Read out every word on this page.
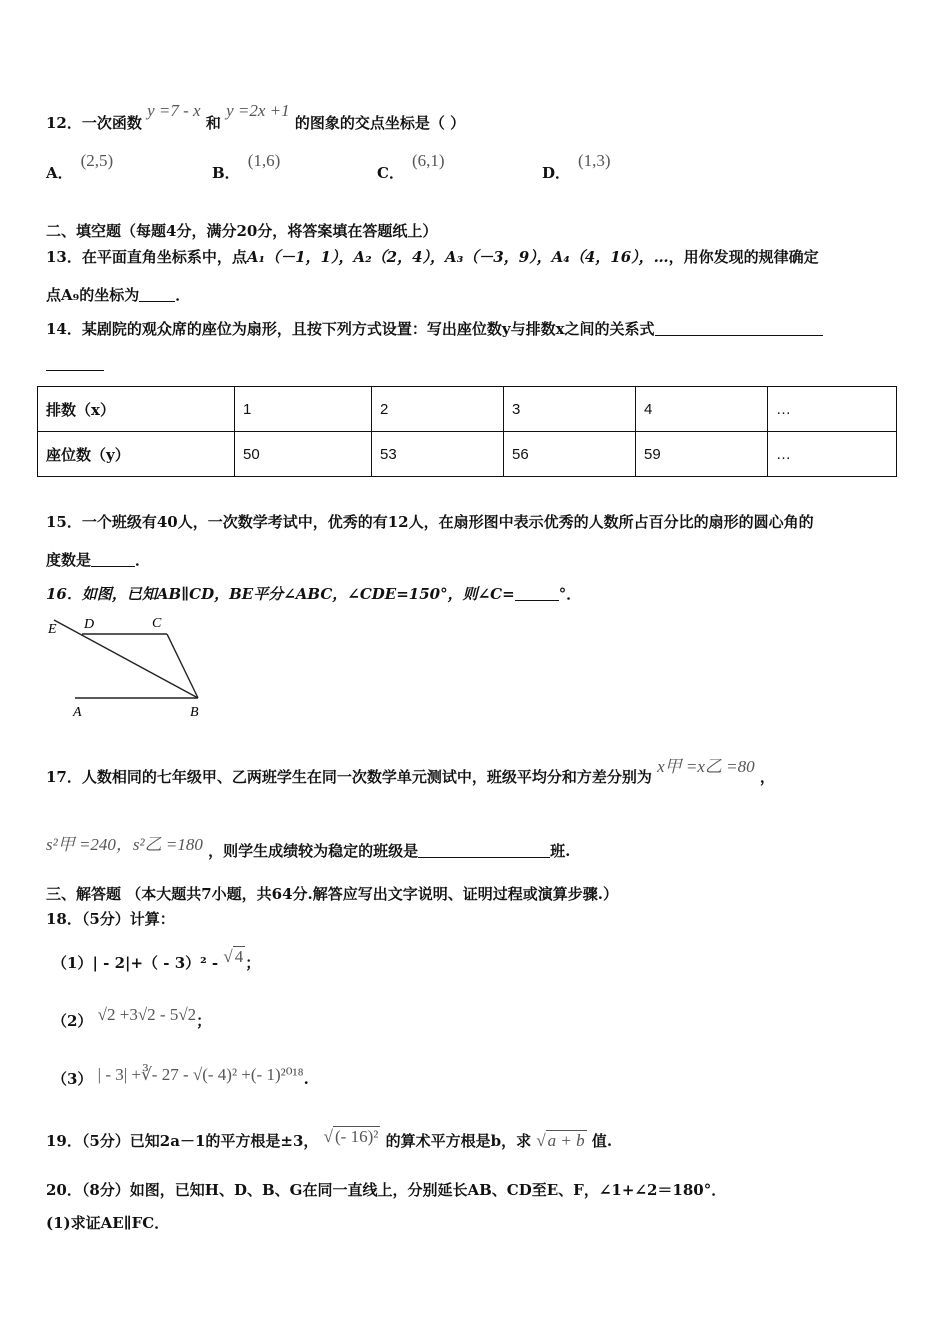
12．一次函数 y =7 - x 和 y =2x +1 的图象的交点坐标是（ ）
A．(2,5)
B．(1,6)
C．(6,1)
D．(1,3)
二、填空题（每题4分，满分20分，将答案填在答题纸上）
13．在平面直角坐标系中，点A₁（－1，1），A₂（2，4），A₃（－3，9），A₄（4，16），…，用你发现的规律确定
点A₉的坐标为 ．
14．某剧院的观众席的座位为扇形，且按下列方式设置：写出座位数y与排数x之间的关系式
排数（x）	1	2	3	4	…
座位数（y）	50	53	56	59	…
15．一个班级有40人，一次数学考试中，优秀的有12人，在扇形图中表示优秀的人数所占百分比的扇形的圆心角的
度数是	．
16．如图，已知AB∥CD，BE平分∠ABC，∠CDE=150°，则∠C=	°．
E D	C
A	B
17．人数相同的七年级甲、乙两班学生在同一次数学单元测试中，班级平均分和方差分别为 x甲 =x乙 =80 ，
s²甲 =240，s²乙 =180 ，则学生成绩较为稳定的班级是	班.
三、解答题 （本大题共7小题，共64分.解答应写出文字说明、证明过程或演算步骤.）
18．（5分）计算：
（1）| - 2|+（ - 3）² - √ 4 ；
（2） √2 +3√2 - 5√2；
（3） | - 3| +∛- 27 - √(- 4)² +(- 1)²⁰¹⁸.
19．（5分）已知2a－1的平方根是±3， √ (- 16)² 的算术平方根是b，求 √ a + b 值.
20．（8分）如图，已知H、D、B、G在同一直线上，分别延长AB、CD至E、F，∠1+∠2＝180°．
(1)求证AE∥FC．
